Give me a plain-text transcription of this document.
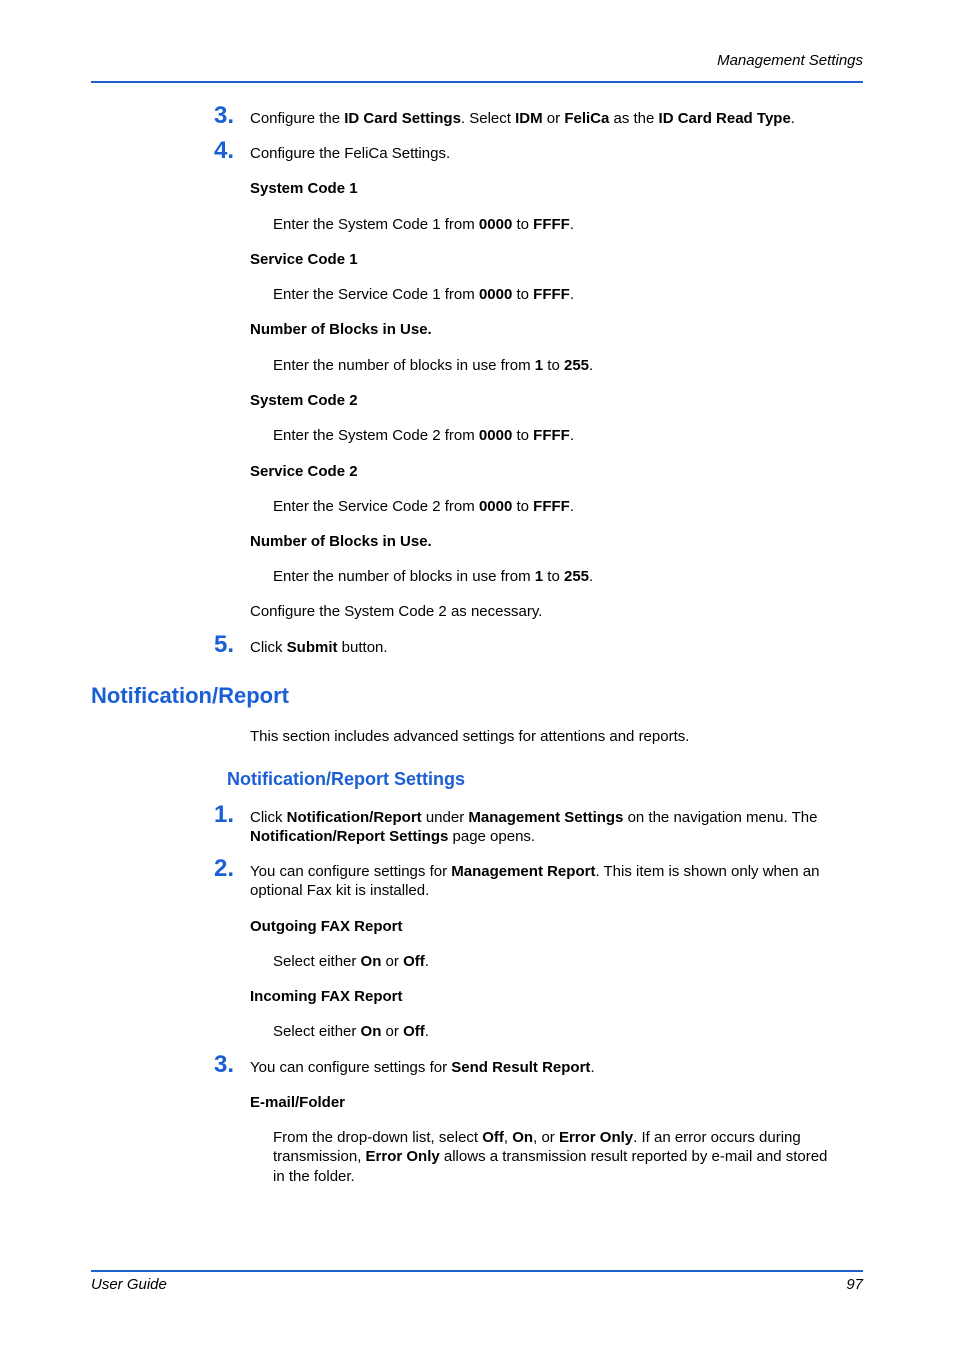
Management Settings
3. Configure the ID Card Settings. Select IDM or FeliCa as the ID Card Read Type.
4. Configure the FeliCa Settings.
System Code 1
Enter the System Code 1 from 0000 to FFFF.
Service Code 1
Enter the Service Code 1 from 0000 to FFFF.
Number of Blocks in Use.
Enter the number of blocks in use from 1 to 255.
System Code 2
Enter the System Code 2 from 0000 to FFFF.
Service Code 2
Enter the Service Code 2 from 0000 to FFFF.
Number of Blocks in Use.
Enter the number of blocks in use from 1 to 255.
Configure the System Code 2 as necessary.
5. Click Submit button.
Notification/Report
This section includes advanced settings for attentions and reports.
Notification/Report Settings
1. Click Notification/Report under Management Settings on the navigation menu. The
Notification/Report Settings page opens.
2. You can configure settings for Management Report. This item is shown only when an
optional Fax kit is installed.
Outgoing FAX Report
Select either On or Off.
Incoming FAX Report
Select either On or Off.
3. You can configure settings for Send Result Report.
E-mail/Folder
From the drop-down list, select Off, On, or Error Only. If an error occurs during
transmission, Error Only allows a transmission result reported by e-mail and stored
in the folder.
User Guide	97
